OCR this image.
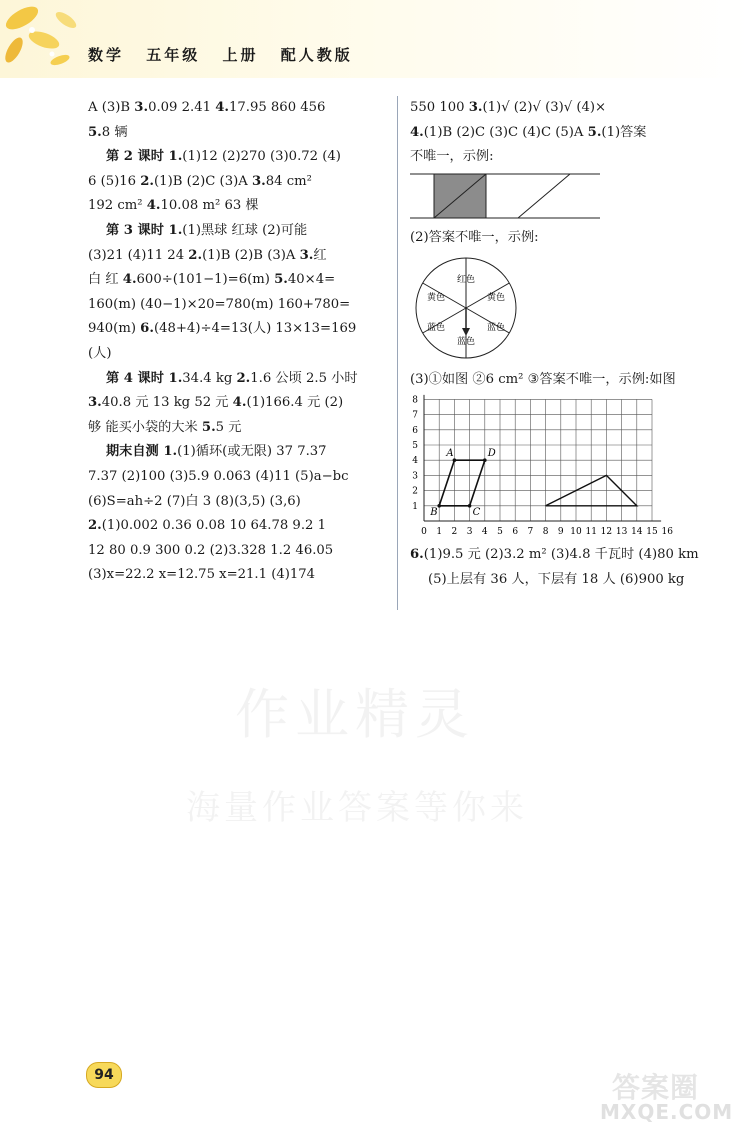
数学 五年级 上册 配人教版
A (3)B 3.0.09 2.41 4.17.95 860 456
5.8 辆
第 2 课时 1.(1)12 (2)270 (3)0.72 (4)
6 (5)16 2.(1)B (2)C (3)A 3.84 cm²
192 cm² 4.10.08 m² 63 棵
第 3 课时 1.(1)黑球 红球 (2)可能
(3)21 (4)11 24 2.(1)B (2)B (3)A 3.红
白 红 4.600÷(101−1)=6(m) 5.40×4=
160(m) (40−1)×20=780(m) 160+780=
940(m) 6.(48+4)÷4=13(人) 13×13=169
(人)
第 4 课时 1.34.4 kg 2.1.6 公顷 2.5 小时
3.40.8 元 13 kg 52 元 4.(1)166.4 元 (2)
够 能买小袋的大米 5.5 元
期末自测 1.(1)循环(或无限) 37 7.37̇
7.37 (2)100 (3)5.9 0.063 (4)11 (5)a−bc
(6)S=ah÷2 (7)白 3 (8)(3,5) (3,6)
2.(1)0.002 0.36 0.08 10 64.78 9.2 1
12 80 0.9 300 0.2 (2)3.328 1.2 46.05
(3)x=22.2 x=12.75 x=21.1 (4)174
550 100 3.(1)√ (2)√ (3)√ (4)×
4.(1)B (2)C (3)C (4)C (5)A 5.(1)答案
不唯一，示例:
(2)答案不唯一，示例:
红色
黄色	黄色
蓝色	蓝色
蓝色
(3)①如图 ②6 cm² ③答案不唯一，示例:如图
0 1 2 3 4 5 6 7 8 9 10 11 12 13 14 15 16
1
2
3
4
5
6
7
8
A	D
B	C
6.(1)9.5 元 (2)3.2 m² (3)4.8 千瓦时 (4)80 km
(5)上层有 36 人，下层有 18 人 (6)900 kg
作业精灵
海量作业答案等你来
94	答案圈
MXQE.COM
